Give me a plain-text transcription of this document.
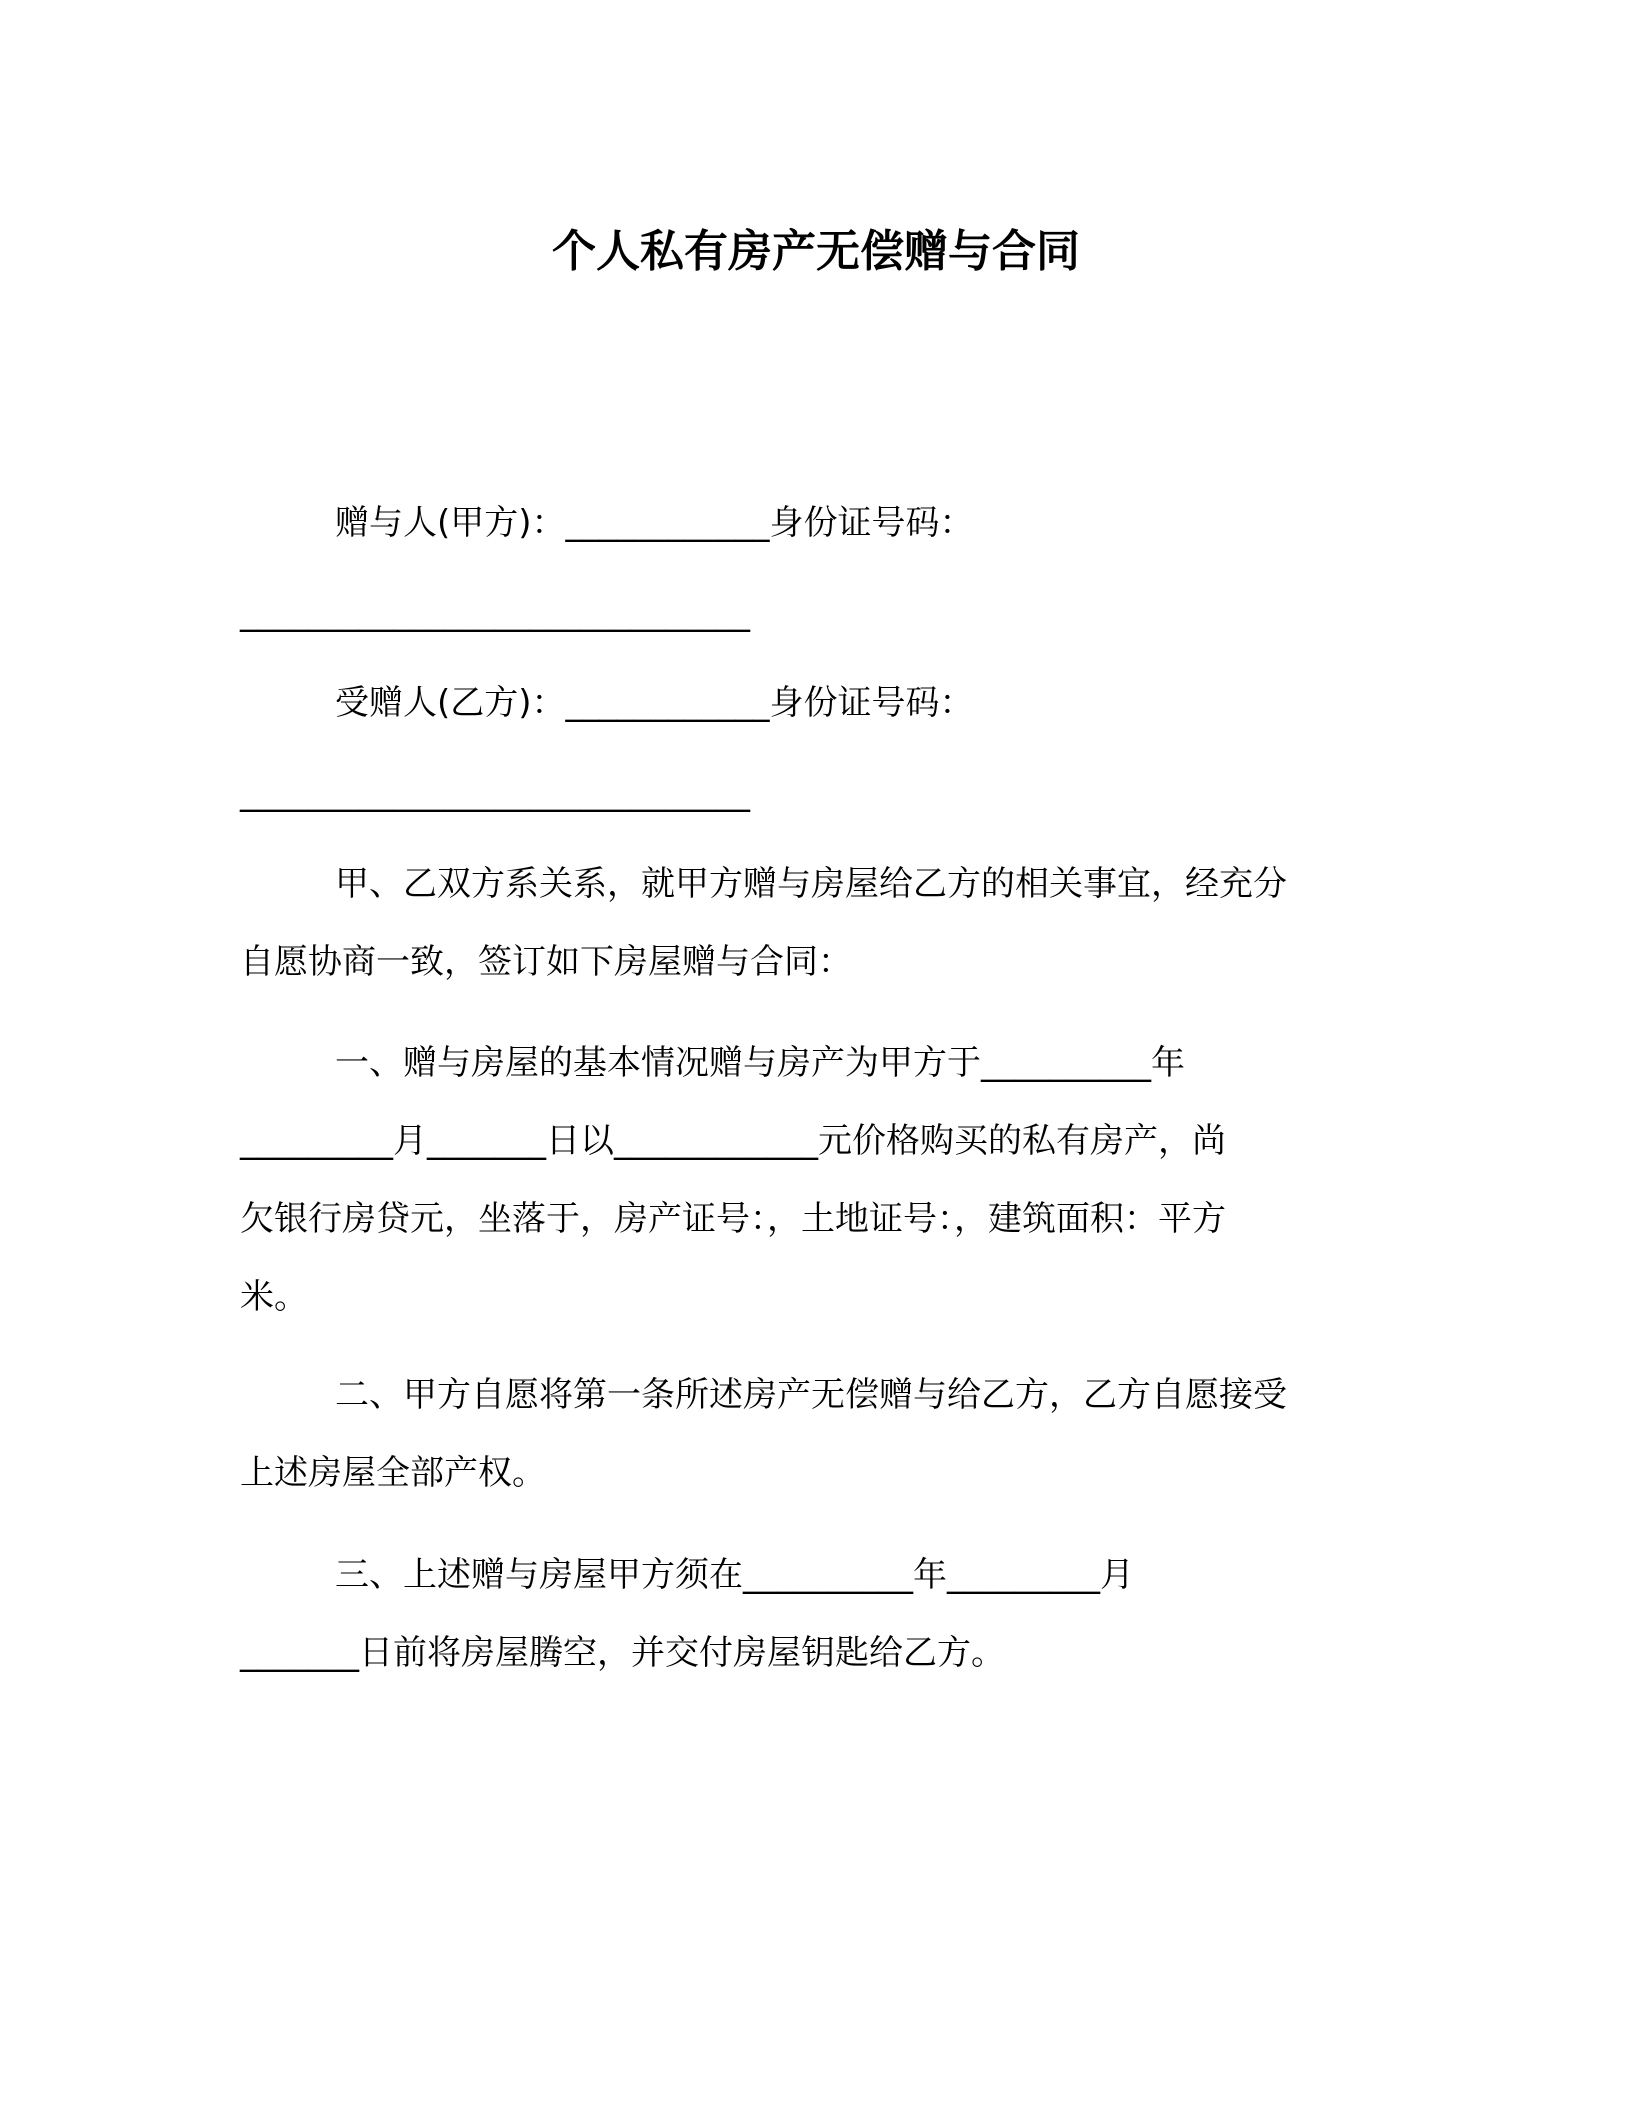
个人私有房产无偿赠与合同
赠与人(甲方)：____________身份证号码：
______________________________
受赠人(乙方)：____________身份证号码：
______________________________
甲、乙双方系关系，就甲方赠与房屋给乙方的相关事宜，经充分
自愿协商一致，签订如下房屋赠与合同：
一、赠与房屋的基本情况赠与房产为甲方于__________年
_________月_______日以____________元价格购买的私有房产，尚
欠银行房贷元，坐落于，房产证号：，土地证号：，建筑面积：平方
米。
二、甲方自愿将第一条所述房产无偿赠与给乙方，乙方自愿接受
上述房屋全部产权。
三、上述赠与房屋甲方须在__________年_________月
_______日前将房屋腾空，并交付房屋钥匙给乙方。
